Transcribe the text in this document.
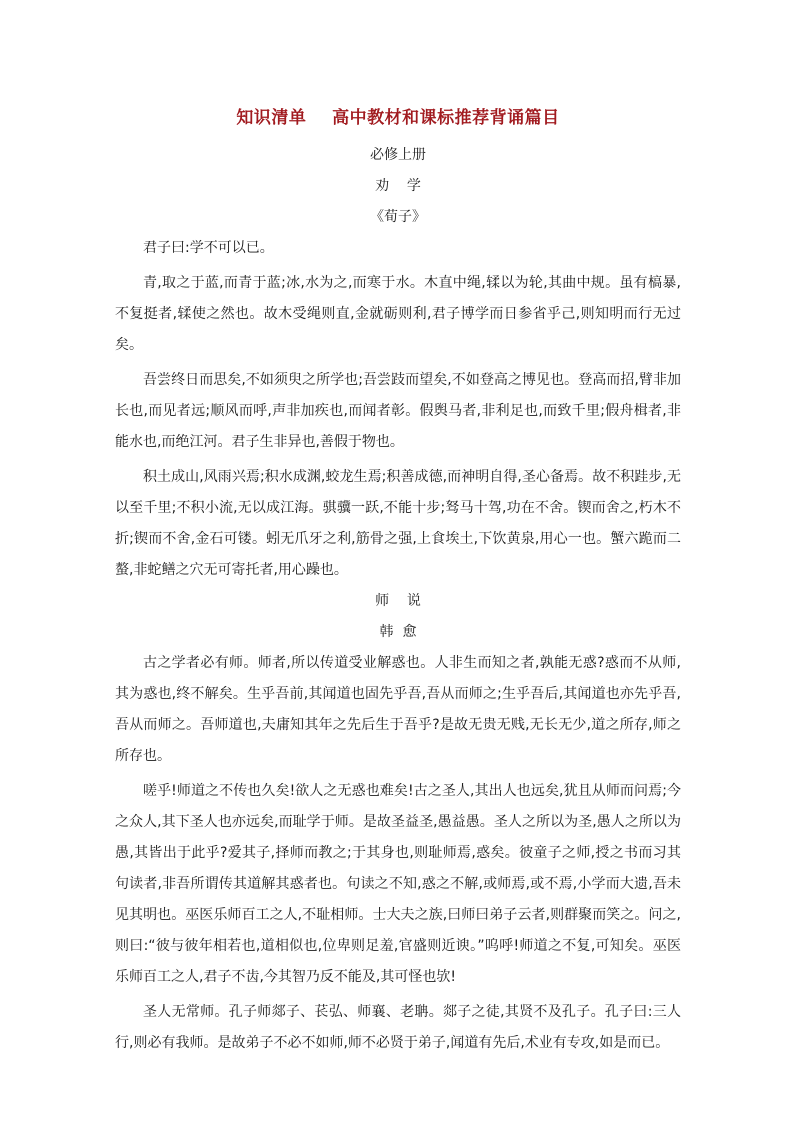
知识清单    高中教材和课标推荐背诵篇目
必修上册
劝    学
《荀子》

君子曰:学不可以已。

青,取之于蓝,而青于蓝;冰,水为之,而寒于水。木直中绳,𫐓以为轮,其曲中规。虽有槁暴,不复挺者,𫐓使之然也。故木受绳则直,金就砺则利,君子博学而日参省乎己,则知明而行无过矣。

吾尝终日而思矣,不如须臾之所学也;吾尝跂而望矣,不如登高之博见也。登高而招,臂非加长也,而见者远;顺风而呼,声非加疾也,而闻者彰。假舆马者,非利足也,而致千里;假舟楫者,非能水也,而绝江河。君子生非异也,善假于物也。

积土成山,风雨兴焉;积水成渊,蛟龙生焉;积善成德,而神明自得,圣心备焉。故不积跬步,无以至千里;不积小流,无以成江海。骐骥一跃,不能十步;驽马十驾,功在不舍。锲而舍之,朽木不折;锲而不舍,金石可镂。蚓无爪牙之利,筋骨之强,上食埃土,下饮黄泉,用心一也。蟹六跪而二螯,非蛇鳝之穴无可寄托者,用心躁也。

师    说
韩  愈

古之学者必有师。师者,所以传道受业解惑也。人非生而知之者,孰能无惑?惑而不从师,其为惑也,终不解矣。生乎吾前,其闻道也固先乎吾,吾从而师之;生乎吾后,其闻道也亦先乎吾,吾从而师之。吾师道也,夫庸知其年之先后生于吾乎?是故无贵无贱,无长无少,道之所存,师之所存也。

嗟乎!师道之不传也久矣!欲人之无惑也难矣!古之圣人,其出人也远矣,犹且从师而问焉;今之众人,其下圣人也亦远矣,而耻学于师。是故圣益圣,愚益愚。圣人之所以为圣,愚人之所以为愚,其皆出于此乎?爱其子,择师而教之;于其身也,则耻师焉,惑矣。彼童子之师,授之书而习其句读者,非吾所谓传其道解其惑者也。句读之不知,惑之不解,或师焉,或不焉,小学而大遗,吾未见其明也。巫医乐师百工之人,不耻相师。士大夫之族,曰师曰弟子云者,则群聚而笑之。问之,则曰:“彼与彼年相若也,道相似也,位卑则足羞,官盛则近谀。”呜呼!师道之不复,可知矣。巫医乐师百工之人,君子不齿,今其智乃反不能及,其可怪也欤!

圣人无常师。孔子师郯子、苌弘、师襄、老聃。郯子之徒,其贤不及孔子。孔子曰:三人行,则必有我师。是故弟子不必不如师,师不必贤于弟子,闻道有先后,术业有专攻,如是而已。
